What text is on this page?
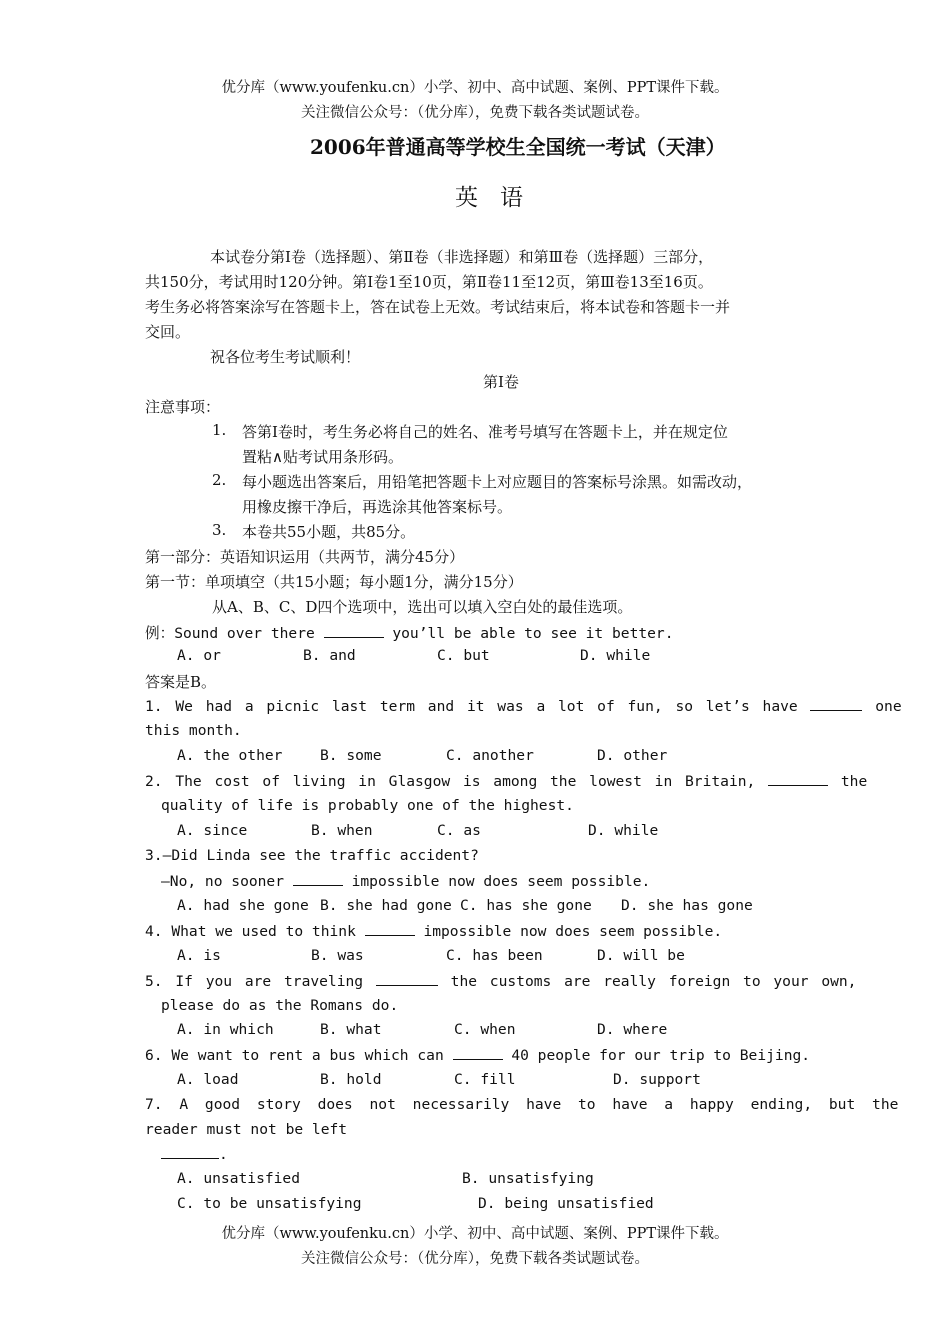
优分库（www.youfenku.cn）小学、初中、高中试题、案例、PPT课件下载。
关注微信公众号：（优分库），免费下载各类试题试卷。
2006年普通高等学校生全国统一考试（天津）
英语
本试卷分第Ⅰ卷（选择题）、第Ⅱ卷（非选择题）和第Ⅲ卷（选择题）三部分，
共150分，考试用时120分钟。第Ⅰ卷1至10页，第Ⅱ卷11至12页，第Ⅲ卷13至16页。
考生务必将答案涂写在答题卡上，答在试卷上无效。考试结束后，将本试卷和答题卡一并
交回。
祝各位考生考试顺利！
第Ⅰ卷
注意事项：
1. 答第Ⅰ卷时，考生务必将自己的姓名、准考号填写在答题卡上，并在规定位
置粘∧贴考试用条形码。
2. 每小题选出答案后，用铅笔把答题卡上对应题目的答案标号涂黑。如需改动，
用橡皮擦干净后，再选涂其他答案标号。
3. 本卷共55小题，共85分。
第一部分：英语知识运用（共两节，满分45分）
第一节：单项填空（共15小题；每小题1分，满分15分）
从A、B、C、D四个选项中，选出可以填入空白处的最佳选项。
例：Sound over there	you’ll be able to see it better.
A. or	B. and	C. but	D. while
答案是B。
1. We had a picnic last term and it was a lot of fun, so let’s have	one
this month.
A. the other	B. some	C. another	D. other
2. The cost of living in Glasgow is among the lowest in Britain,	the
quality of life is probably one of the highest.
A. since	B. when	C. as	D. while
3.—Did Linda see the traffic accident?
—No, no sooner	impossible now does seem possible.
A. had she gone B. she had gone C. has she gone D. she has gone
4. What we used to think	impossible now does seem possible.
A. is	B. was	C. has been	D. will be
5. If you are traveling	the customs are really foreign to your own,
please do as the Romans do.
A. in which	B. what	C. when	D. where
6. We want to rent a bus which can	40 people for our trip to Beijing.
A. load	B. hold	C. fill	D. support
7. A good story does not necessarily have to have a happy ending, but the
reader must not be left
.
A. unsatisfied	B. unsatisfying
C. to be unsatisfying	D. being unsatisfied
优分库（www.youfenku.cn）小学、初中、高中试题、案例、PPT课件下载。
关注微信公众号：（优分库），免费下载各类试题试卷。
